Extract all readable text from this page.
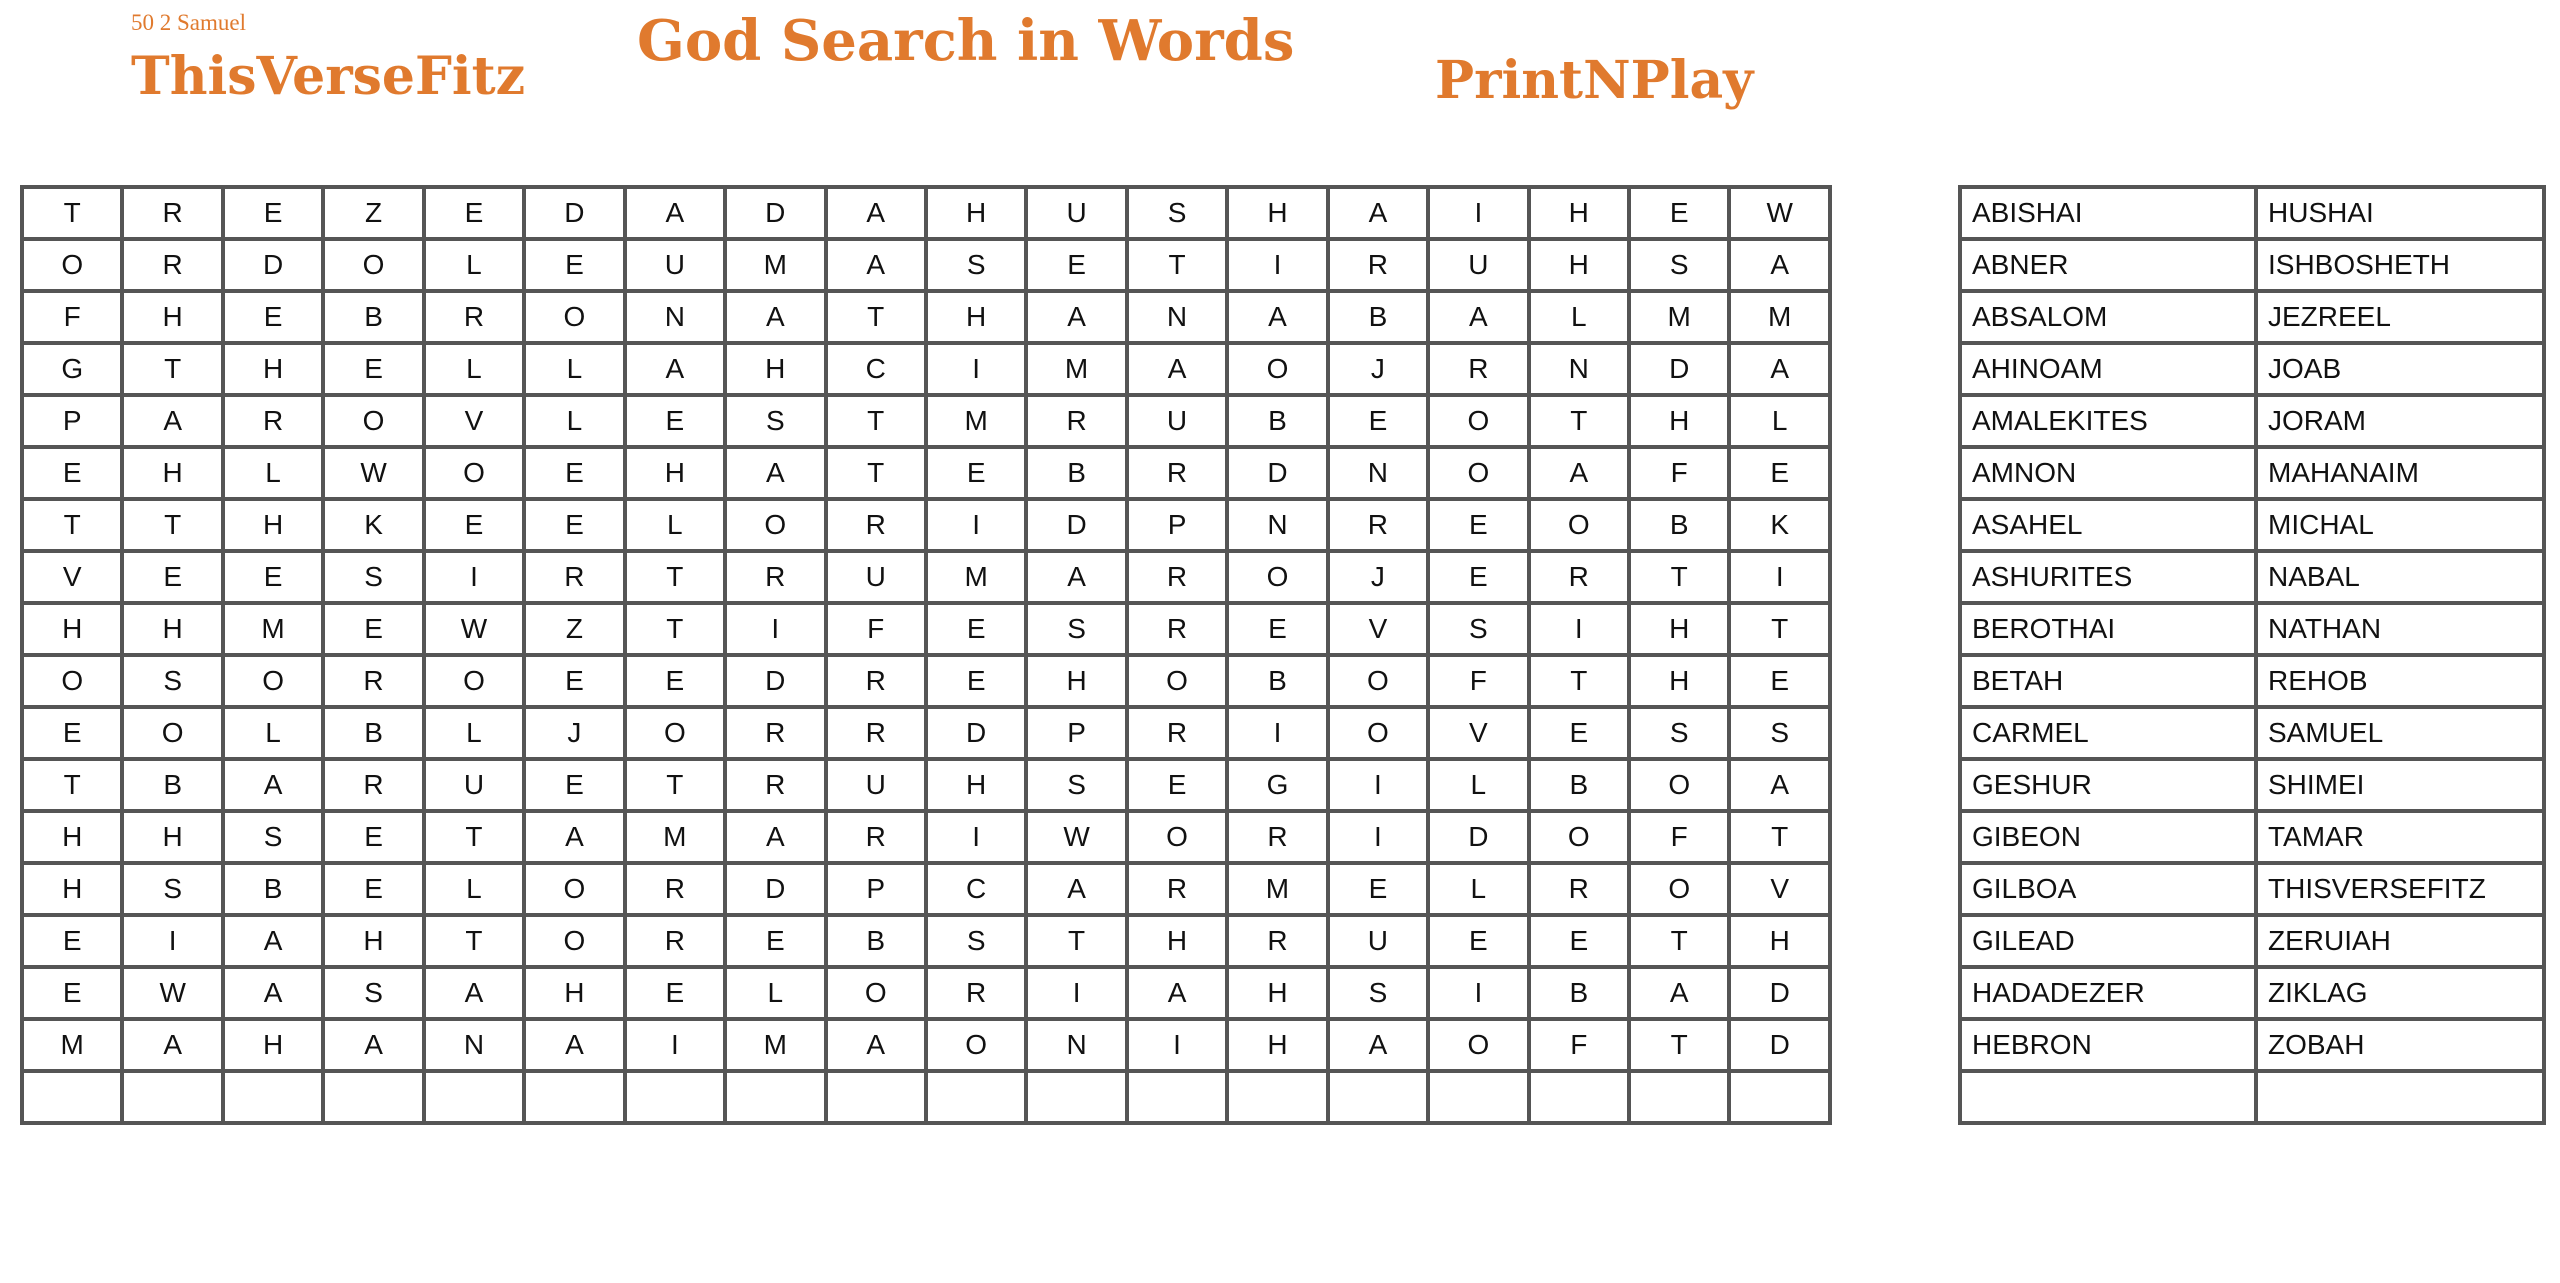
50 2 Samuel
ThisVerseFitz
God Search in Words
PrintNPlay
T	R	E	Z	E	D	A	D	A	H	U	S	H	A	I	H	E	W
O	R	D	O	L	E	U	M	A	S	E	T	I	R	U	H	S	A
F	H	E	B	R	O	N	A	T	H	A	N	A	B	A	L	M	M
G	T	H	E	L	L	A	H	C	I	M	A	O	J	R	N	D	A
P	A	R	O	V	L	E	S	T	M	R	U	B	E	O	T	H	L
E	H	L	W	O	E	H	A	T	E	B	R	D	N	O	A	F	E
T	T	H	K	E	E	L	O	R	I	D	P	N	R	E	O	B	K
V	E	E	S	I	R	T	R	U	M	A	R	O	J	E	R	T	I
H	H	M	E	W	Z	T	I	F	E	S	R	E	V	S	I	H	T
O	S	O	R	O	E	E	D	R	E	H	O	B	O	F	T	H	E
E	O	L	B	L	J	O	R	R	D	P	R	I	O	V	E	S	S
T	B	A	R	U	E	T	R	U	H	S	E	G	I	L	B	O	A
H	H	S	E	T	A	M	A	R	I	W	O	R	I	D	O	F	T
H	S	B	E	L	O	R	D	P	C	A	R	M	E	L	R	O	V
E	I	A	H	T	O	R	E	B	S	T	H	R	U	E	E	T	H
E	W	A	S	A	H	E	L	O	R	I	A	H	S	I	B	A	D
M	A	H	A	N	A	I	M	A	O	N	I	H	A	O	F	T	D

ABISHAI	HUSHAI
ABNER	ISHBOSHETH
ABSALOM	JEZREEL
AHINOAM	JOAB
AMALEKITES	JORAM
AMNON	MAHANAIM
ASAHEL	MICHAL
ASHURITES	NABAL
BEROTHAI	NATHAN
BETAH	REHOB
CARMEL	SAMUEL
GESHUR	SHIMEI
GIBEON	TAMAR
GILBOA	THISVERSEFITZ
GILEAD	ZERUIAH
HADADEZER	ZIKLAG
HEBRON	ZOBAH
